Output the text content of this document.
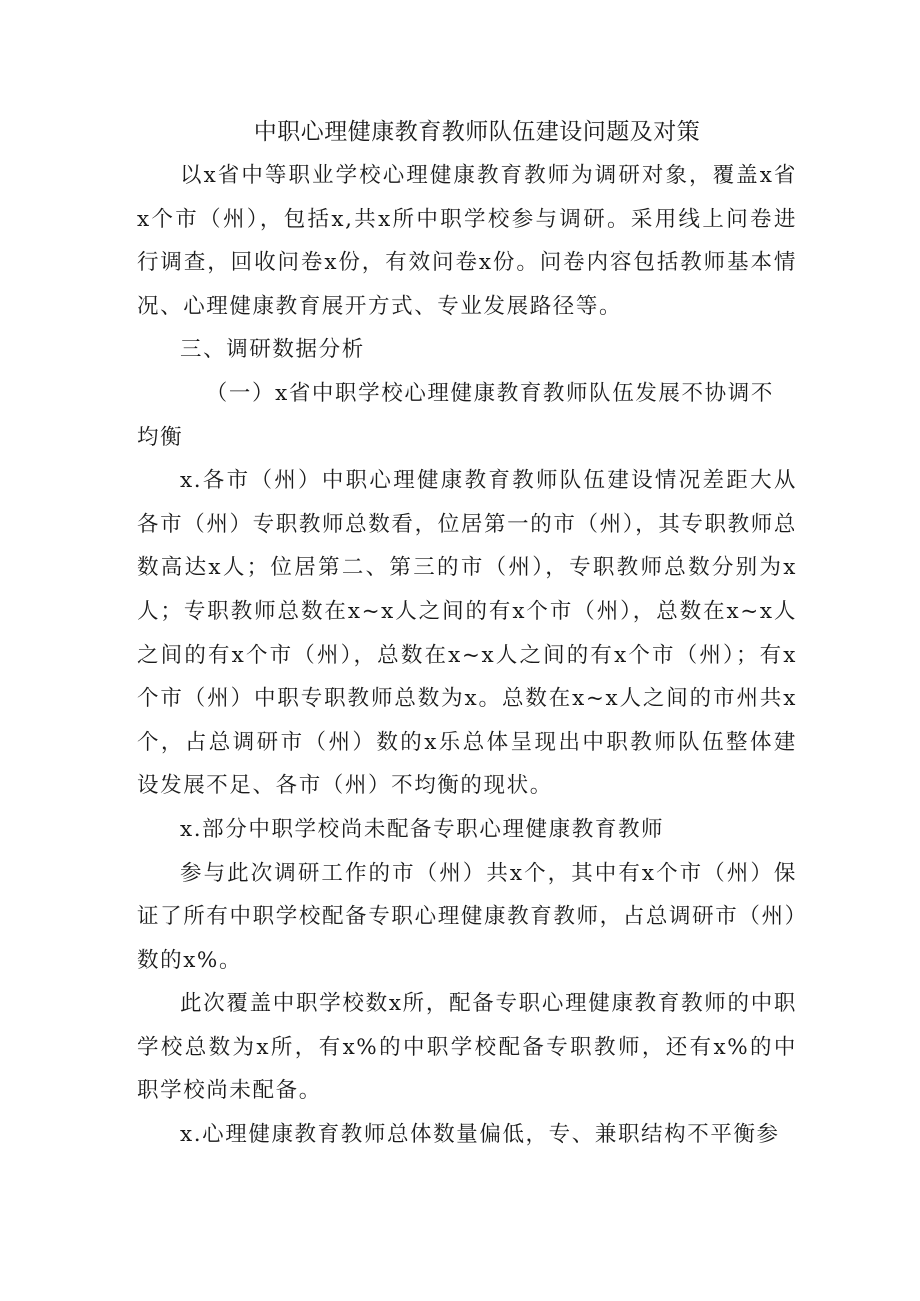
中职心理健康教育教师队伍建设问题及对策

以x省中等职业学校心理健康教育教师为调研对象，覆盖x省x个市（州），包括x,共x所中职学校参与调研。采用线上问卷进行调查，回收问卷x份，有效问卷x份。问卷内容包括教师基本情况、心理健康教育展开方式、专业发展路径等。

三、调研数据分析

（一）x省中职学校心理健康教育教师队伍发展不协调不均衡

x.各市（州）中职心理健康教育教师队伍建设情况差距大从各市（州）专职教师总数看，位居第一的市（州），其专职教师总数高达x人；位居第二、第三的市（州），专职教师总数分别为x人；专职教师总数在x~x人之间的有x个市（州），总数在x~x人之间的有x个市（州），总数在x~x人之间的有x个市（州）；有x个市（州）中职专职教师总数为x。总数在x~x人之间的市州共x个，占总调研市（州）数的x乐总体呈现出中职教师队伍整体建设发展不足、各市（州）不均衡的现状。

x.部分中职学校尚未配备专职心理健康教育教师

参与此次调研工作的市（州）共x个，其中有x个市（州）保证了所有中职学校配备专职心理健康教育教师，占总调研市（州）数的x%。

此次覆盖中职学校数x所，配备专职心理健康教育教师的中职学校总数为x所，有x%的中职学校配备专职教师，还有x%的中职学校尚未配备。

x.心理健康教育教师总体数量偏低，专、兼职结构不平衡参
